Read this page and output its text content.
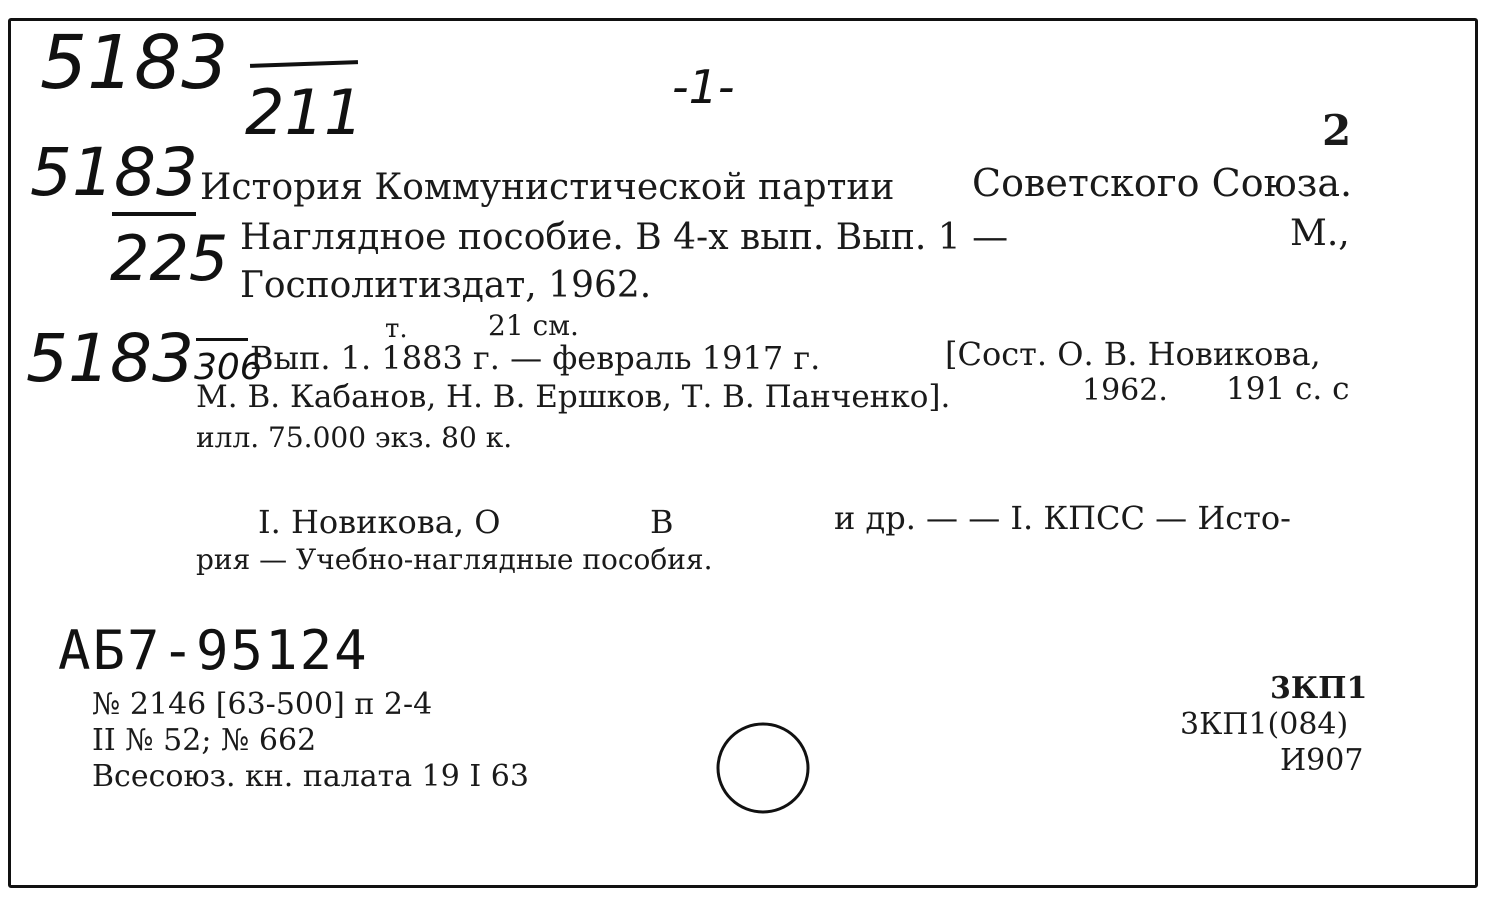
5183

211	-1-

5183

225

5183 306

2

История Коммунистической партии Советского Союза.

Наглядное пособие. В 4-х вып. Вып. 1 —	М.,

Госполитиздат, 1962.

т.	21 см.

Вып. 1. 1883 г. — февраль 1917 г.	[Сост. О. В. Новикова,

М. В. Кабанов, Н. В. Ершков, Т. В. Панченко].	1962. 191 с. с

илл. 75.000 экз. 80 к.

I. Новикова, О	В	и др. — — I. КПСС — Исто-

рия — Учебно-наглядные пособия.

АБ7-95124

№ 2146 [63-500] п 2-4

II № 52; № 662

Всесоюз. кн. палата 19 I 63

3КП1

3КП1(084)

И907
